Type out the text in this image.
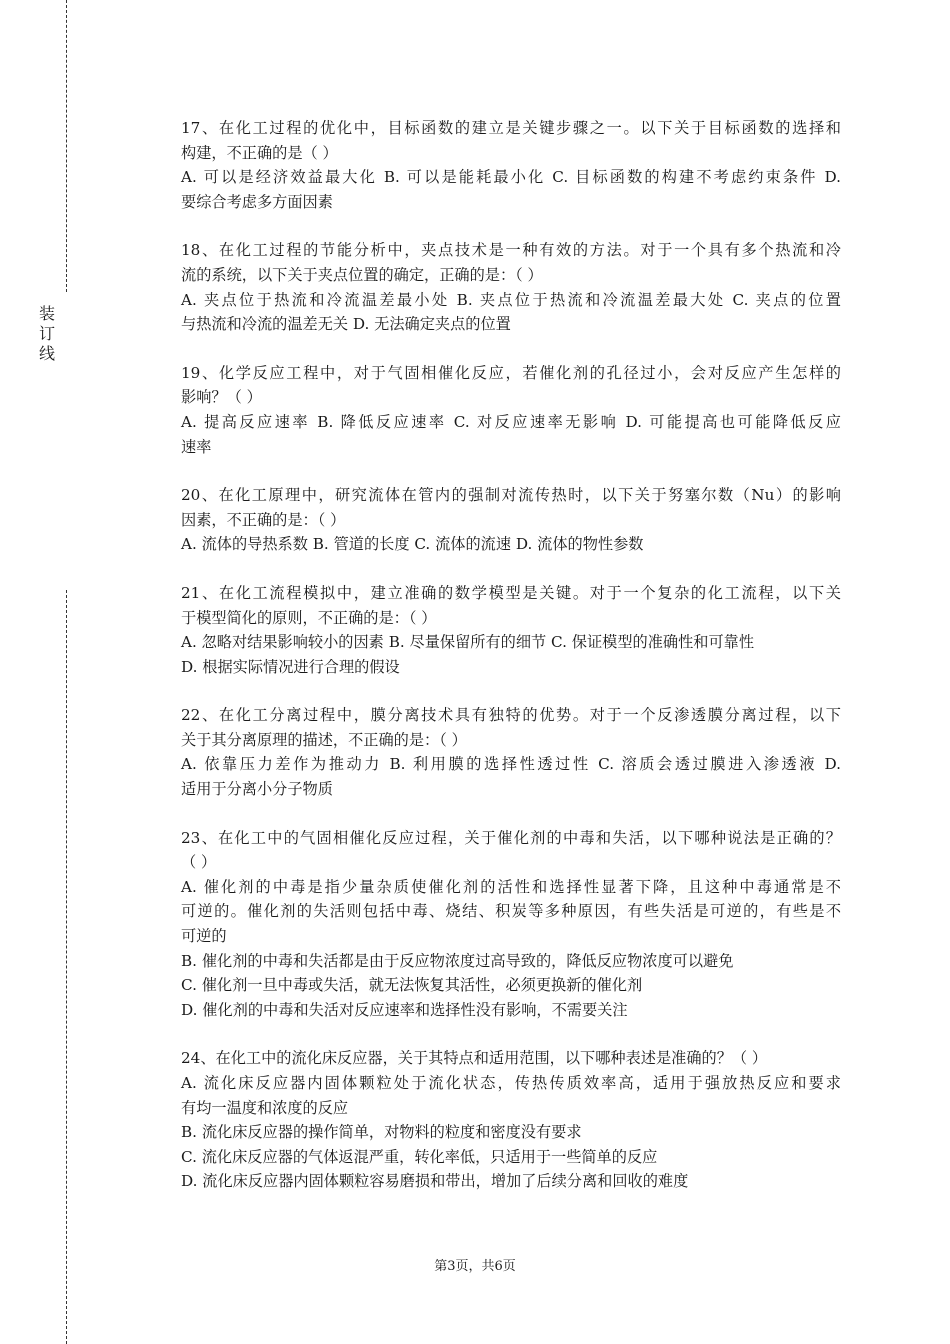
装
订
线
17、在化工过程的优化中，目标函数的建立是关键步骤之一。以下关于目标函数的选择和
构建，不正确的是（ ）
A. 可以是经济效益最大化 B. 可以是能耗最小化 C. 目标函数的构建不考虑约束条件 D.
要综合考虑多方面因素
18、在化工过程的节能分析中，夹点技术是一种有效的方法。对于一个具有多个热流和冷
流的系统，以下关于夹点位置的确定，正确的是：（ ）
A. 夹点位于热流和冷流温差最小处 B. 夹点位于热流和冷流温差最大处 C. 夹点的位置
与热流和冷流的温差无关 D. 无法确定夹点的位置
19、化学反应工程中，对于气固相催化反应，若催化剂的孔径过小，会对反应产生怎样的
影响？（ ）
A. 提高反应速率 B. 降低反应速率 C. 对反应速率无影响 D. 可能提高也可能降低反应
速率
20、在化工原理中，研究流体在管内的强制对流传热时，以下关于努塞尔数（Nu）的影响
因素，不正确的是：（ ）
A. 流体的导热系数 B. 管道的长度 C. 流体的流速 D. 流体的物性参数
21、在化工流程模拟中，建立准确的数学模型是关键。对于一个复杂的化工流程，以下关
于模型简化的原则，不正确的是：（ ）
A. 忽略对结果影响较小的因素 B. 尽量保留所有的细节 C. 保证模型的准确性和可靠性
D. 根据实际情况进行合理的假设
22、在化工分离过程中，膜分离技术具有独特的优势。对于一个反渗透膜分离过程，以下
关于其分离原理的描述，不正确的是：（ ）
A. 依靠压力差作为推动力 B. 利用膜的选择性透过性 C. 溶质会透过膜进入渗透液 D.
适用于分离小分子物质
23、在化工中的气固相催化反应过程，关于催化剂的中毒和失活，以下哪种说法是正确的？
（ ）
A. 催化剂的中毒是指少量杂质使催化剂的活性和选择性显著下降，且这种中毒通常是不
可逆的。催化剂的失活则包括中毒、烧结、积炭等多种原因，有些失活是可逆的，有些是不
可逆的
B. 催化剂的中毒和失活都是由于反应物浓度过高导致的，降低反应物浓度可以避免
C. 催化剂一旦中毒或失活，就无法恢复其活性，必须更换新的催化剂
D. 催化剂的中毒和失活对反应速率和选择性没有影响，不需要关注
24、在化工中的流化床反应器，关于其特点和适用范围，以下哪种表述是准确的？（ ）
A. 流化床反应器内固体颗粒处于流化状态，传热传质效率高，适用于强放热反应和要求
有均一温度和浓度的反应
B. 流化床反应器的操作简单，对物料的粒度和密度没有要求
C. 流化床反应器的气体返混严重，转化率低，只适用于一些简单的反应
D. 流化床反应器内固体颗粒容易磨损和带出，增加了后续分离和回收的难度
第3页，共6页
